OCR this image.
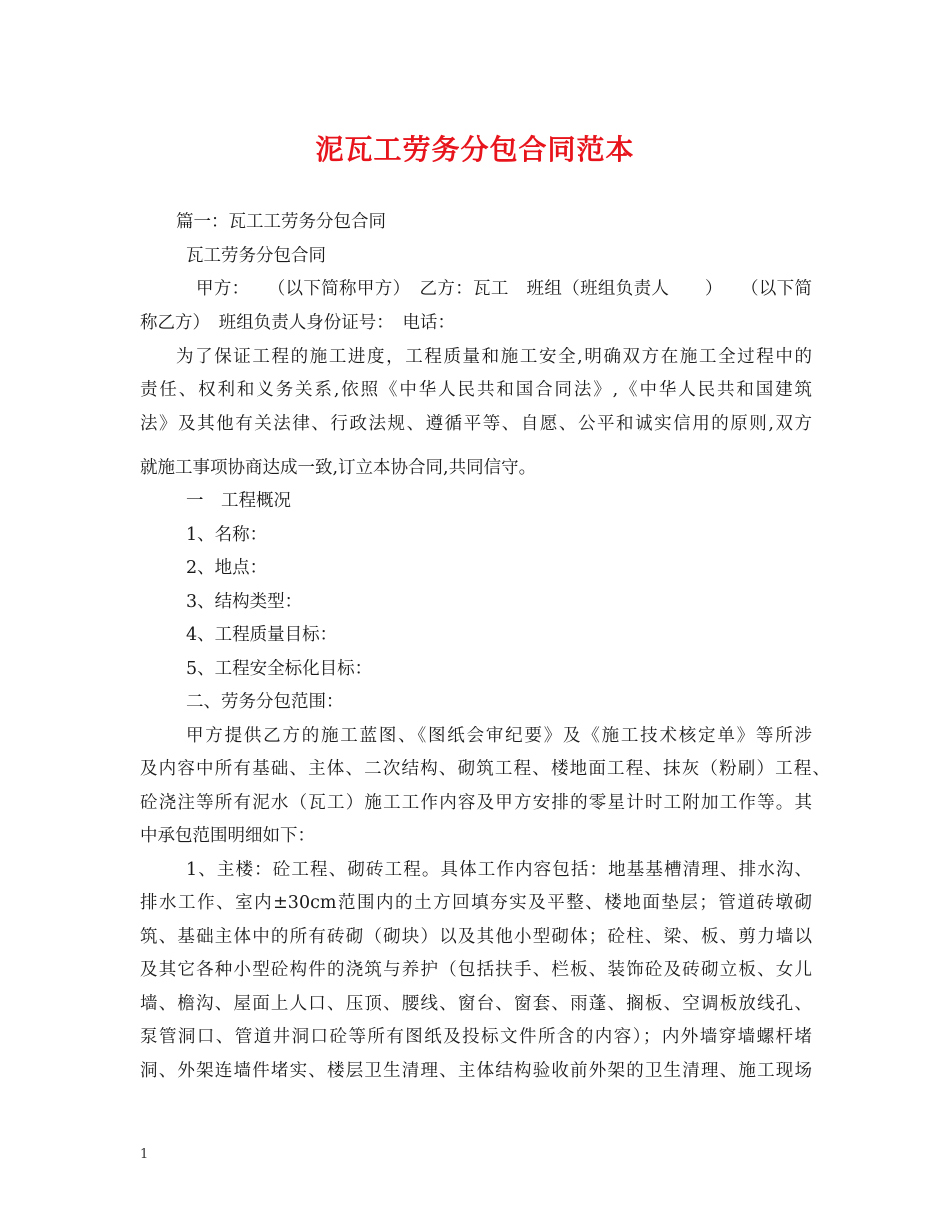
泥瓦工劳务分包合同范本
篇一：瓦工工劳务分包合同
瓦工劳务分包合同
甲方：　　（以下简称甲方）　乙方：瓦工　班组（班组负责人　　）　　（以下简
称乙方）　班组负责人身份证号：　电话：
为了保证工程的施工进度，工程质量和施工安全,明确双方在施工全过程中的
责任、权利和义务关系,依照《中华人民共和国合同法》,《中华人民共和国建筑
法》及其他有关法律、行政法规、遵循平等、自愿、公平和诚实信用的原则,双方
就施工事项协商达成一致,订立本协合同,共同信守。
一　工程概况
1、名称：
2、地点：
3、结构类型：
4、工程质量目标：
5、工程安全标化目标：
二、劳务分包范围：
甲方提供乙方的施工蓝图、《图纸会审纪要》及《施工技术核定单》等所涉
及内容中所有基础、主体、二次结构、砌筑工程、楼地面工程、抹灰（粉刷）工程、
砼浇注等所有泥水（瓦工）施工工作内容及甲方安排的零星计时工附加工作等。其
中承包范围明细如下：
1、主楼：砼工程、砌砖工程。具体工作内容包括：地基基槽清理、排水沟、
排水工作、室内±30cm范围内的土方回填夯实及平整、楼地面垫层；管道砖墩砌
筑、基础主体中的所有砖砌（砌块）以及其他小型砌体；砼柱、梁、板、剪力墙以
及其它各种小型砼构件的浇筑与养护（包括扶手、栏板、装饰砼及砖砌立板、女儿
墙、檐沟、屋面上人口、压顶、腰线、窗台、窗套、雨蓬、搁板、空调板放线孔、
泵管洞口、管道井洞口砼等所有图纸及投标文件所含的内容）；内外墙穿墙螺杆堵
洞、外架连墙件堵实、楼层卫生清理、主体结构验收前外架的卫生清理、施工现场
1
